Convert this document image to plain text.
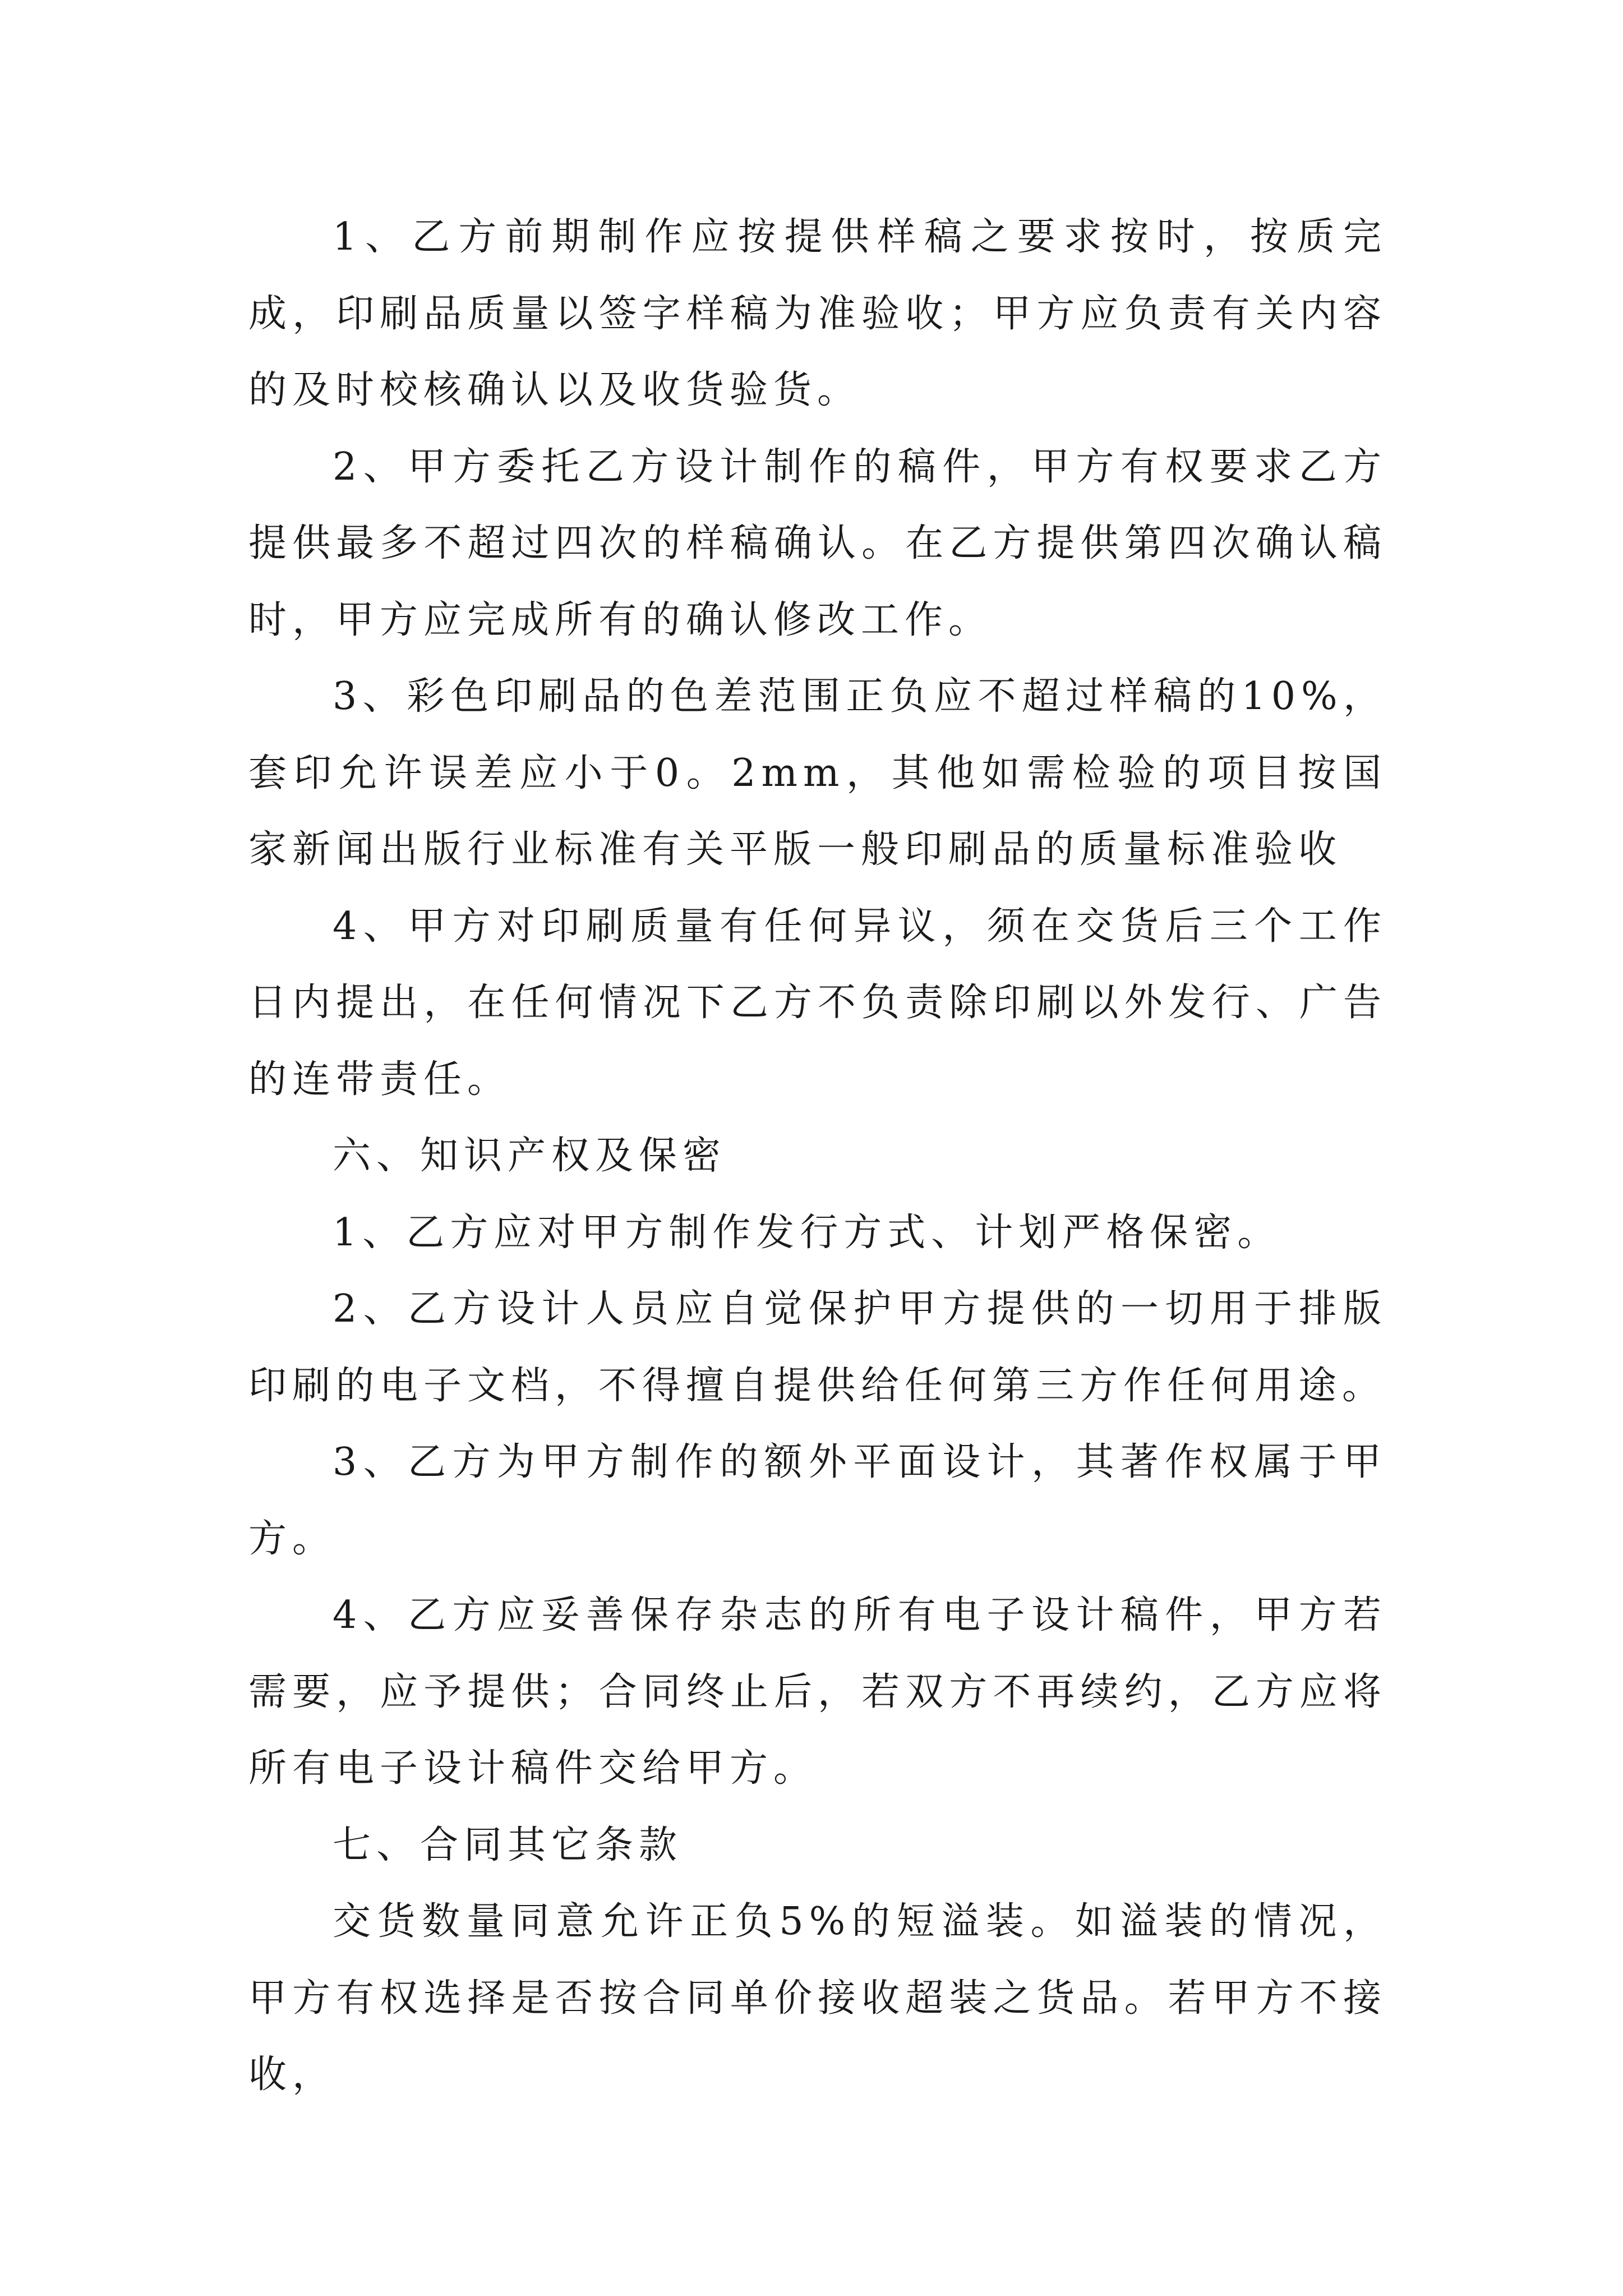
1、乙方前期制作应按提供样稿之要求按时，按质完成，印刷品质量以签字样稿为准验收；甲方应负责有关内容的及时校核确认以及收货验货。

2、甲方委托乙方设计制作的稿件，甲方有权要求乙方提供最多不超过四次的样稿确认。在乙方提供第四次确认稿时，甲方应完成所有的确认修改工作。

3、彩色印刷品的色差范围正负应不超过样稿的10%，套印允许误差应小于0。2mm，其他如需检验的项目按国家新闻出版行业标准有关平版一般印刷品的质量标准验收

4、甲方对印刷质量有任何异议，须在交货后三个工作日内提出，在任何情况下乙方不负责除印刷以外发行、广告的连带责任。

六、知识产权及保密

1、乙方应对甲方制作发行方式、计划严格保密。

2、乙方设计人员应自觉保护甲方提供的一切用于排版印刷的电子文档，不得擅自提供给任何第三方作任何用途。

3、乙方为甲方制作的额外平面设计，其著作权属于甲方。

4、乙方应妥善保存杂志的所有电子设计稿件，甲方若需要，应予提供；合同终止后，若双方不再续约，乙方应将所有电子设计稿件交给甲方。

七、合同其它条款

交货数量同意允许正负5%的短溢装。如溢装的情况，甲方有权选择是否按合同单价接收超装之货品。若甲方不接收，
